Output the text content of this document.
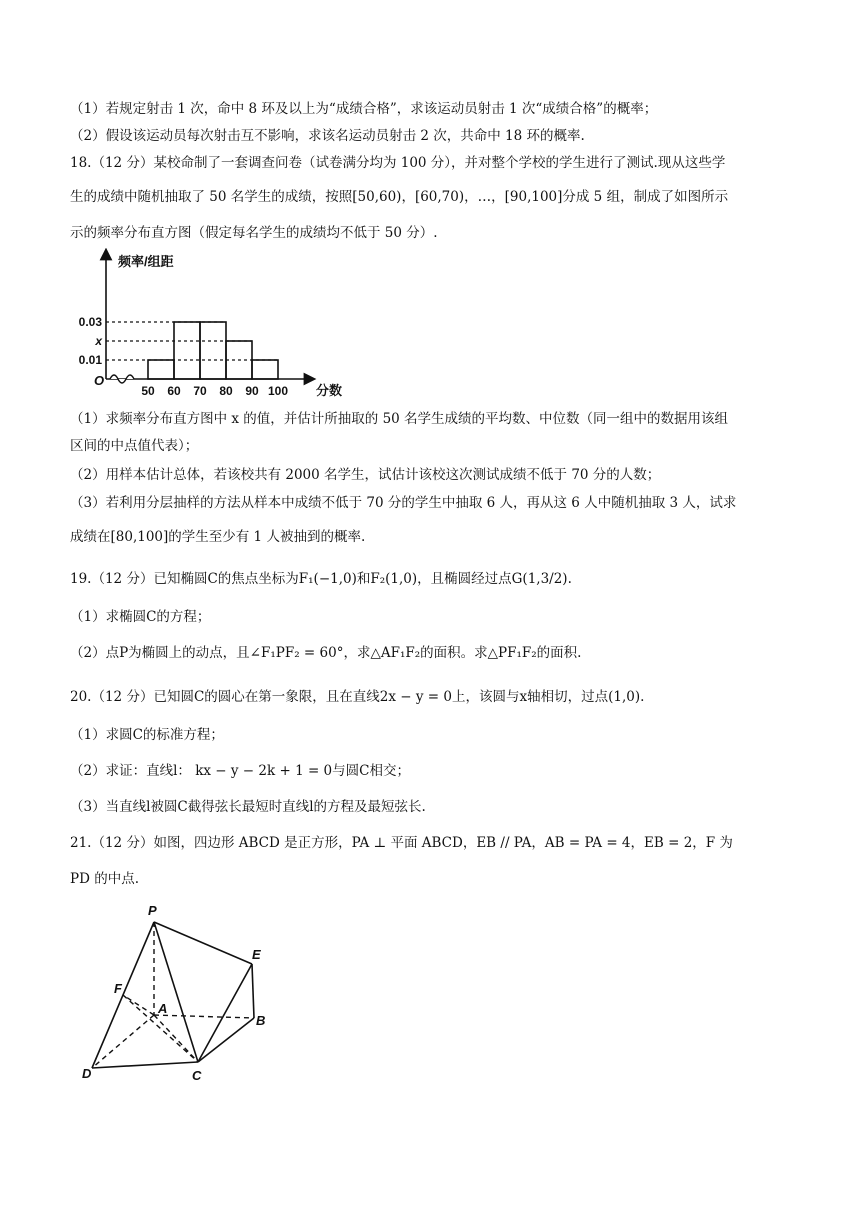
（1）若规定射击 1 次，命中 8 环及以上为“成绩合格”，求该运动员射击 1 次“成绩合格”的概率；
（2）假设该运动员每次射击互不影响，求该名运动员射击 2 次，共命中 18 环的概率.
18.（12 分）某校命制了一套调查问卷（试卷满分均为 100 分），并对整个学校的学生进行了测试.现从这些学
生的成绩中随机抽取了 50 名学生的成绩，按照[50,60)，[60,70)，…，[90,100]分成 5 组，制成了如图所示
示的频率分布直方图（假定每名学生的成绩均不低于 50 分）.
0.03
x
0.01
50 60 70 80 90 100
O
频率/组距
分数
（1）求频率分布直方图中 x 的值，并估计所抽取的 50 名学生成绩的平均数、中位数（同一组中的数据用该组
区间的中点值代表）；
（2）用样本估计总体，若该校共有 2000 名学生，试估计该校这次测试成绩不低于 70 分的人数；
（3）若利用分层抽样的方法从样本中成绩不低于 70 分的学生中抽取 6 人，再从这 6 人中随机抽取 3 人，试求
成绩在[80,100]的学生至少有 1 人被抽到的概率.
19.（12 分）已知椭圆C的焦点坐标为F₁(−1,0)和F₂(1,0)，且椭圆经过点G(1,3/2).
（1）求椭圆C的方程；
（2）点P为椭圆上的动点，且∠F₁PF₂ = 60°，求△AF₁F₂的面积。求△PF₁F₂的面积.
20.（12 分）已知圆C的圆心在第一象限，且在直线2x − y = 0上，该圆与x轴相切，过点(1,0).
（1）求圆C的标准方程；
（2）求证：直线l： kx − y − 2k + 1 = 0与圆C相交；
（3）当直线l被圆C截得弦长最短时直线l的方程及最短弦长.
21.（12 分）如图，四边形 ABCD 是正方形，PA ⊥ 平面 ABCD，EB // PA，AB = PA = 4，EB = 2，F 为
PD 的中点.
P
E
F
A
B
D	C
